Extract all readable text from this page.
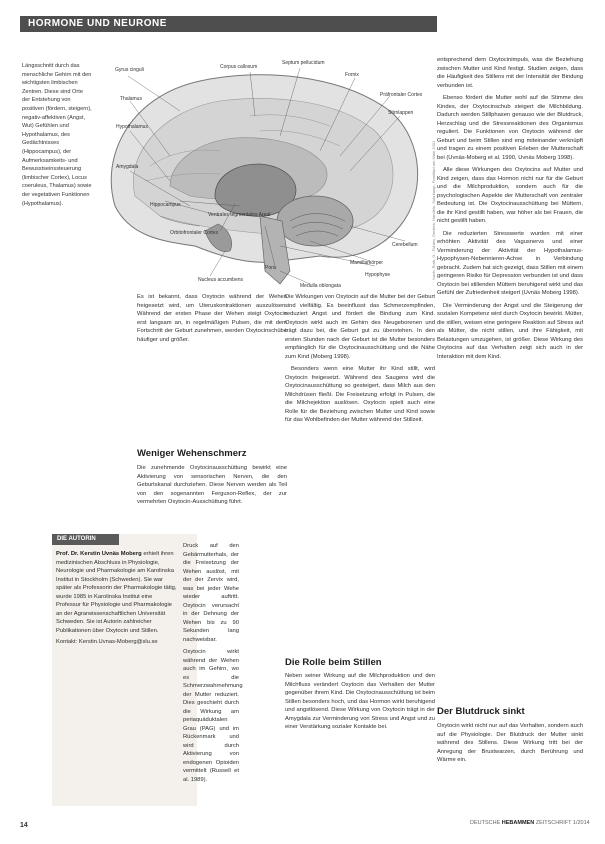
HORMONE UND NEURONE
Gyrus cinguli	Corpus callosum
Septum pellucidum
Fornix
Präfrontaler Cortex
Stirnlappen
Thalamus
Hypothalamus
Amygdala
Hippocampus
Cerebellum
Mamillarkörper
Pons
Medulla oblongata
Orbitofrontaler Cortex
Nucleus accumbens
Hypophyse
Ventrales tegmentales Areal
Längsschnitt durch das menschliche Gehirn mit den wichtigsten limbischen Zentren. Diese sind Orte der Entstehung von positiven (fördern, steigern), negativ-affektiven (Angst, Wut) Gefühlen und Hypothalamus, des Gedächtnisses (Hippocampus), der Aufmerksamkeits- und Bewusstseinssteuerung (limbischer Cortex), Locus coeruleus, Thalamus) sowie der vegetativen Funktionen (Hypothalamus).	Nach: Roth, G.: Fühlen, Denken, Handeln. Suhrkamp, Frankfurt am Main 2001

Es ist bekannt, dass Oxytocin während der Wehen freigesetzt wird, um Uteruskontraktionen auszulösen. Während der ersten Phase der Wehen steigt Oxytocin erst langsam an, in regelmäßigen Pulsen, die mit dem Fortschritt der Geburt zunehmen, werden Oxytocinschübe häufiger und größer.

Weniger Wehenschmerz

Die zunehmende Oxytocinausschüttung bewirkt eine Aktivierung von sensorischen Nerven, die den Geburtskanal durchziehen. Diese Nerven werden als Teil von den sogenannten Ferguson-Reflex, der zur vermehrten Oxytocin-Ausschüttung führt.

DIE AUTORIN

Prof. Dr. Kerstin Uvnäs Moberg erhielt ihren medizinischen Abschluss in Physiologie, Neurologie und Pharmakologie am Karolinska Institut in Stockholm (Schweden). Sie war später als Professorin der Pharmakologie tätig, wurde 1985 in Karolinska Institut eine Professur für Physiologie und Pharmakologie an der Agrarwissenschaftlichen Universität Schweden. Sie ist Autorin zahlreicher Publikationen über Oxytocin und Stillen.

Kontakt: Kerstin.Uvnas-Moberg@slu.se

Druck auf den Gebärmutterhals, der die Freisetzung der Wehen auslöst, mit der der Zervix wird, was bei jeder Wehe wieder auftritt. Oxytocin verursacht in der Dehnung der Wehen bis zu 90 Sekunden lang nachweisbar.
Oxytocin wirkt während der Wehen auch im Gehirn, wo es die Schmerzwahrnehmung der Mutter reduziert. Dies geschieht durch die Wirkung am periaquäduktalen Grau (PAG) und im Rückenmark und wird durch Aktivierung von endogenen Opioiden vermittelt (Russell et al. 1989).

Die Wirkungen von Oxytocin auf die Mutter bei der Geburt sind vielfältig. Es beeinflusst das Schmerzempfinden, reduziert Angst und fördert die Bindung zum Kind. Oxytocin wirkt auch im Gehirn des Neugeborenen und trägt dazu bei, die Geburt gut zu überstehen. In den ersten Stunden nach der Geburt ist die Mutter besonders empfänglich für die Oxytocinausschüttung und die Nähe zum Kind (Moberg 1998).

Besonders wenn eine Mutter ihr Kind stillt, wird Oxytocin freigesetzt. Während des Saugens wird die Oxytocinausschüttung so gesteigert, dass Milch aus den Milchdrüsen fließt. Die Freisetzung erfolgt in Pulsen, die die Milchejektion auslösen. Oxytocin spielt auch eine Rolle für die Beziehung zwischen Mutter und Kind sowie für das Wohlbefinden der Mutter während der Stillzeit.

Die Rolle beim Stillen

Neben seiner Wirkung auf die Milchproduktion und den Milchfluss verändert Oxytocin das Verhalten der Mutter gegenüber ihrem Kind. Die Oxytocinausschüttung ist beim Stillen besonders hoch, und das Hormon wirkt beruhigend und angstlösend. Diese Wirkung von Oxytocin trägt in der Amygdala zur Verminderung von Stress und Angst und zu einer Verstärkung sozialer Kontakte bei.

entsprechend dem Oxytocinimpuls, was die Beziehung zwischen Mutter und Kind festigt. Studien zeigen, dass die Häufigkeit des Stillens mit der Intensität der Bindung verbunden ist.

Ebenso fördert die Mutter wohl auf die Stimme des Kindes, der Oxytocinschub steigert die Milchbildung. Dadurch werden Stillphasen genauso wie der Blutdruck, Herzschlag und die Stressreaktionen des Organismus reguliert. Die Funktionen von Oxytocin während der Geburt und beim Stillen sind eng miteinander verknüpft und tragen zu einem positiven Erleben der Mutterschaft bei (Uvnäs-Moberg et al. 1990, Uvnäs Moberg 1998).

Alle diese Wirkungen des Oxytocins auf Mutter und Kind zeigen, dass das Hormon nicht nur für die Geburt und die Milchproduktion, sondern auch für die psychologischen Aspekte der Mutterschaft von zentraler Bedeutung ist. Die Oxytocinausschüttung bei Müttern, die ihr Kind gestillt haben, war höher als bei Frauen, die nicht gestillt haben.

Die reduzierten Stresswerte wurden mit einer erhöhten Aktivität des Vagusnervs und einer Verminderung der Aktivität der Hypothalamus-Hypophysen-Nebennieren-Achse in Verbindung gebracht. Zudem hat sich gezeigt, dass Stillen mit einem geringeren Risiko für Depression verbunden ist und dass Oxytocin bei stillenden Müttern beruhigend wirkt und das Gefühl der Zufriedenheit steigert (Uvnäs Moberg 1998).

Die Verminderung der Angst und die Steigerung der sozialen Kompetenz wird durch Oxytocin bewirkt. Mütter, die stillen, weisen eine geringere Reaktion auf Stress auf als Mütter, die nicht stillen, und ihre Fähigkeit, mit Belastungen umzugehen, ist größer. Diese Wirkung des Oxytocins auf das Verhalten zeigt sich auch in der Interaktion mit dem Kind.

Der Blutdruck sinkt

Oxytocin wirkt nicht nur auf das Verhalten, sondern auch auf die Physiologie. Der Blutdruck der Mutter sinkt während des Stillens. Diese Wirkung tritt bei der Anregung der Brustwarzen, durch Berührung und Wärme ein.

14	DEUTSCHE HEBAMMEN ZEITSCHRIFT 1/2014
